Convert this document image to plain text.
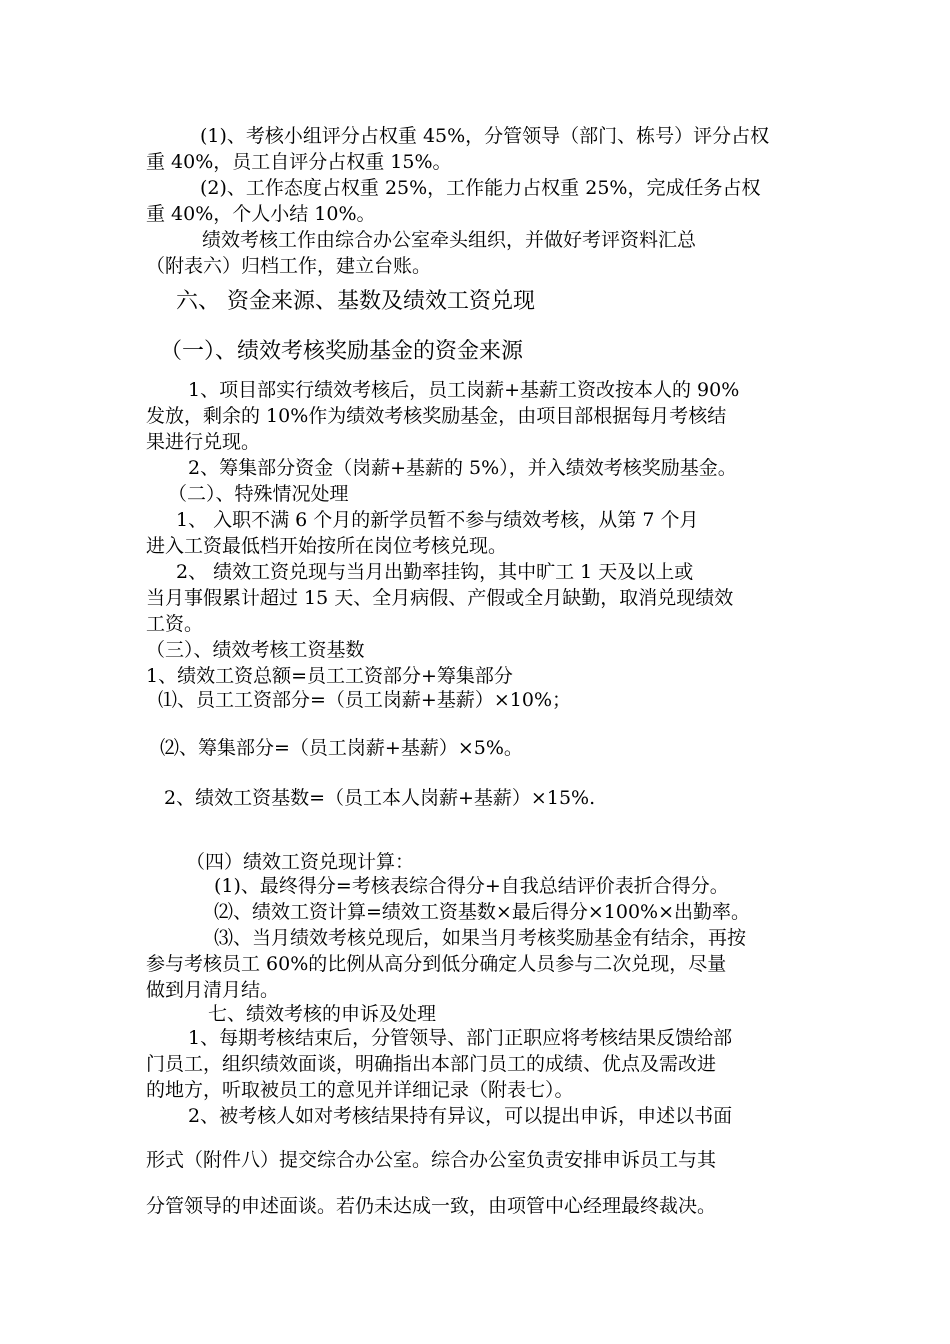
(1)、考核小组评分占权重 45%，分管领导（部门、栋号）评分占权
重 40%，员工自评分占权重 15%。
(2)、工作态度占权重 25%，工作能力占权重 25%，完成任务占权
重 40%，个人小结 10%。
绩效考核工作由综合办公室牵头组织，并做好考评资料汇总
（附表六）归档工作，建立台账。
六、 资金来源、基数及绩效工资兑现
（一）、绩效考核奖励基金的资金来源
1、项目部实行绩效考核后，员工岗薪+基薪工资改按本人的 90%
发放，剩余的 10%作为绩效考核奖励基金，由项目部根据每月考核结
果进行兑现。
2、筹集部分资金（岗薪+基薪的 5%），并入绩效考核奖励基金。
（二）、特殊情况处理
1、 入职不满 6 个月的新学员暂不参与绩效考核，从第 7 个月
进入工资最低档开始按所在岗位考核兑现。
2、 绩效工资兑现与当月出勤率挂钩，其中旷工 1 天及以上或
当月事假累计超过 15 天、全月病假、产假或全月缺勤，取消兑现绩效
工资。
（三）、绩效考核工资基数
1、绩效工资总额=员工工资部分+筹集部分
⑴、员工工资部分=（员工岗薪+基薪）×10%；
⑵、筹集部分=（员工岗薪+基薪）×5%。
2、绩效工资基数=（员工本人岗薪+基薪）×15%.
（四）绩效工资兑现计算：
(1)、最终得分=考核表综合得分+自我总结评价表折合得分。
⑵、绩效工资计算=绩效工资基数×最后得分×100%×出勤率。
⑶、当月绩效考核兑现后，如果当月考核奖励基金有结余，再按
参与考核员工 60%的比例从高分到低分确定人员参与二次兑现，尽量
做到月清月结。
七、绩效考核的申诉及处理
1、每期考核结束后，分管领导、部门正职应将考核结果反馈给部
门员工，组织绩效面谈，明确指出本部门员工的成绩、优点及需改进
的地方，听取被员工的意见并详细记录（附表七）。
2、被考核人如对考核结果持有异议，可以提出申诉，申述以书面
形式（附件八）提交综合办公室。综合办公室负责安排申诉员工与其
分管领导的申述面谈。若仍未达成一致，由项管中心经理最终裁决。
